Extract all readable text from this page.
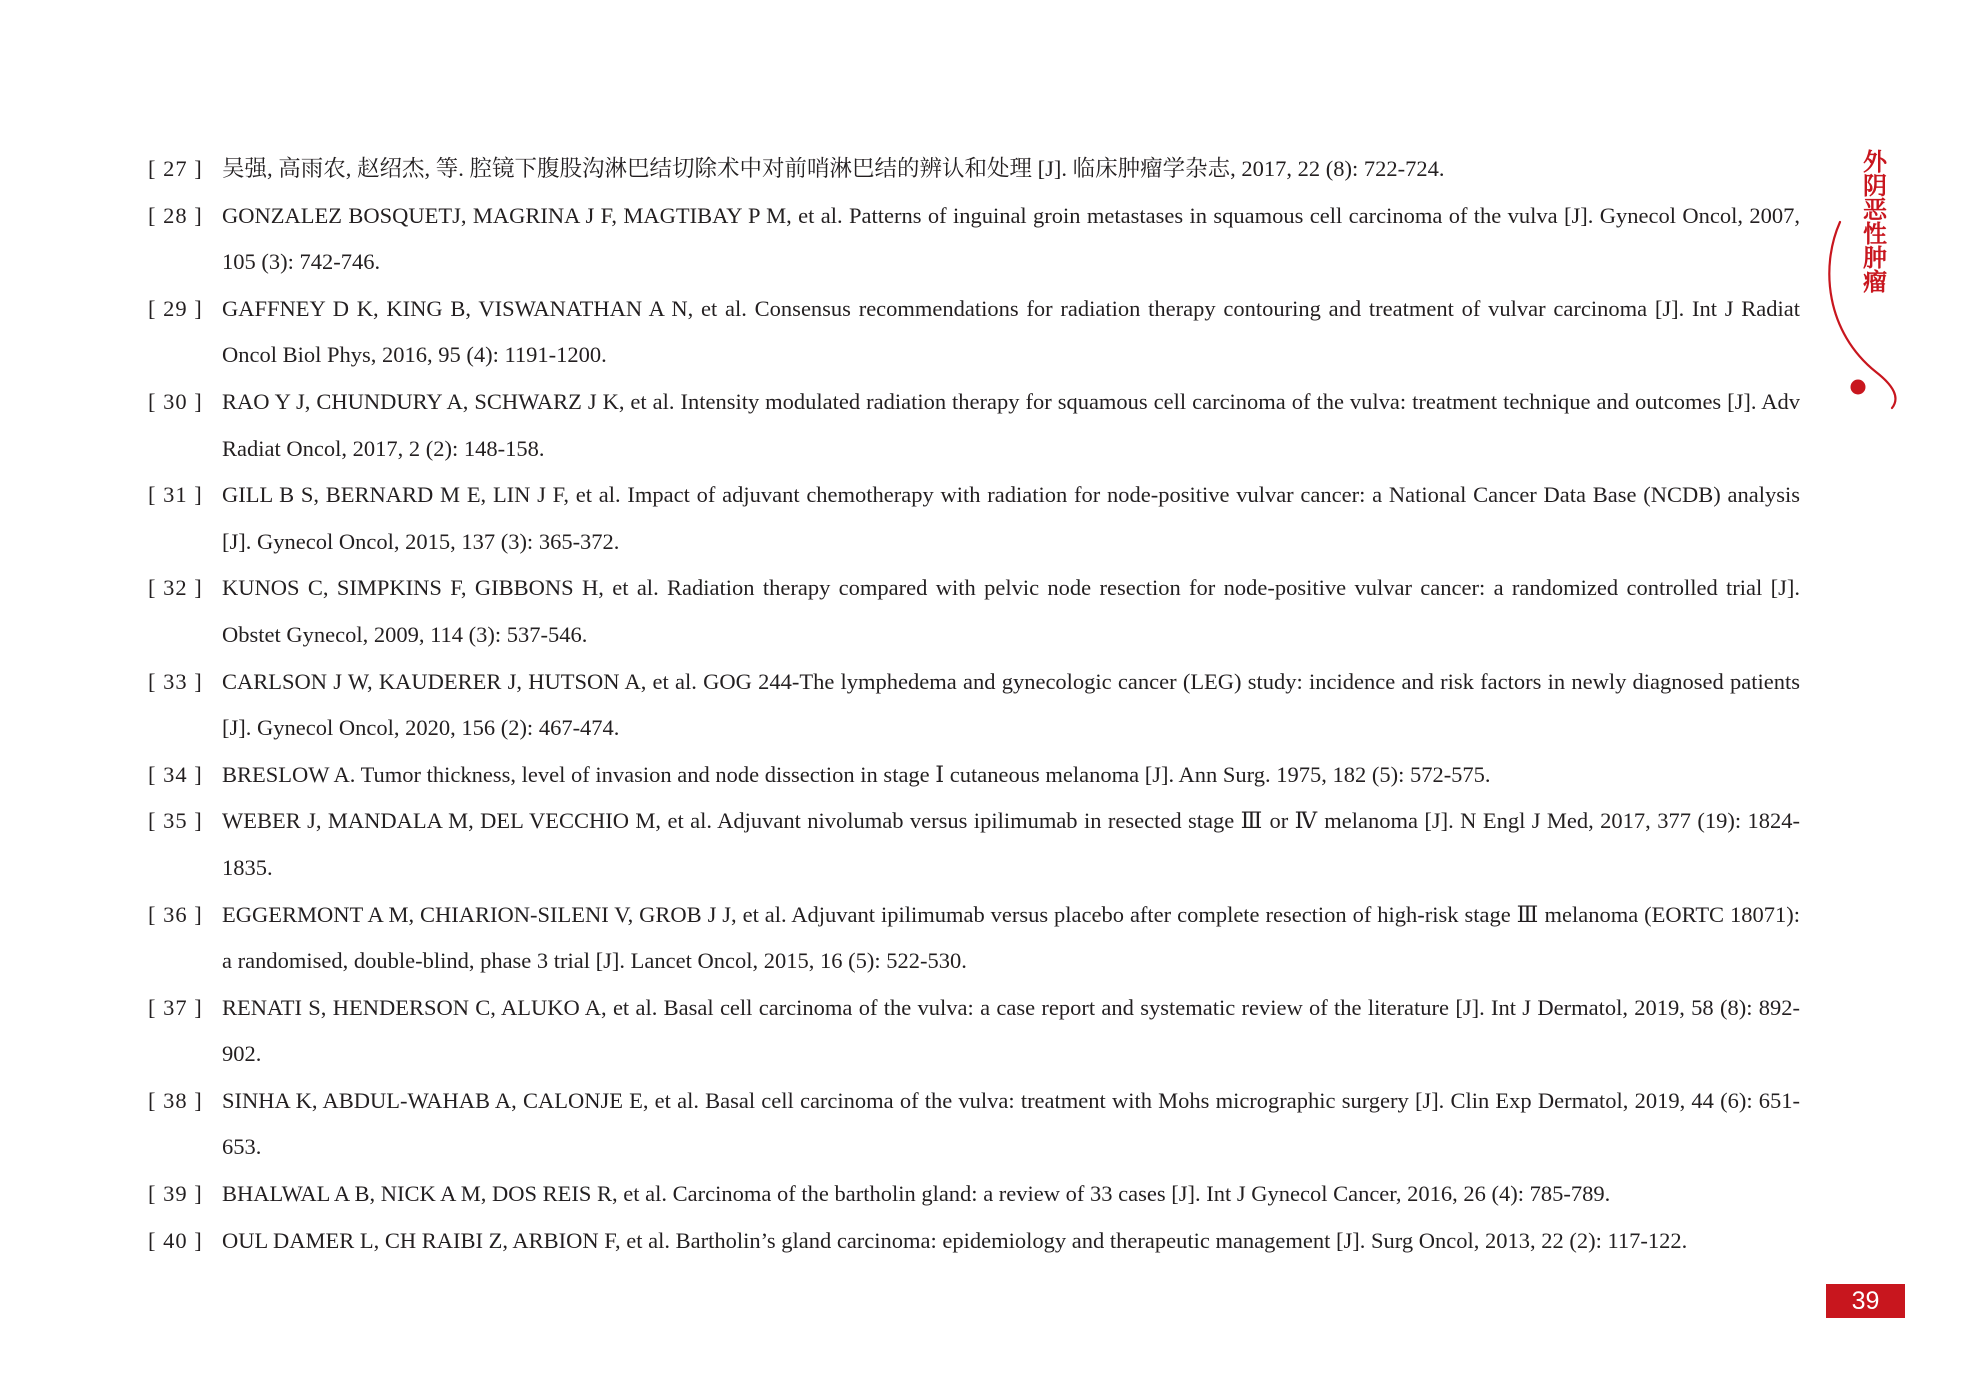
[ 27 ] 吴强, 高雨农, 赵绍杰, 等. 腔镜下腹股沟淋巴结切除术中对前哨淋巴结的辨认和处理 [J]. 临床肿瘤学杂志, 2017, 22 (8): 722-724.
[ 28 ] GONZALEZ BOSQUETJ, MAGRINA J F, MAGTIBAY P M, et al. Patterns of inguinal groin metastases in squamous cell carcinoma of the vulva [J]. Gynecol Oncol, 2007, 105 (3): 742-746.
[ 29 ] GAFFNEY D K, KING B, VISWANATHAN A N, et al. Consensus recommendations for radiation therapy contouring and treatment of vulvar carcinoma [J]. Int J Radiat Oncol Biol Phys, 2016, 95 (4): 1191-1200.
[ 30 ] RAO Y J, CHUNDURY A, SCHWARZ J K, et al. Intensity modulated radiation therapy for squamous cell carcinoma of the vulva: treatment technique and outcomes [J]. Adv Radiat Oncol, 2017, 2 (2): 148-158.
[ 31 ] GILL B S, BERNARD M E, LIN J F, et al. Impact of adjuvant chemotherapy with radiation for node-positive vulvar cancer: a National Cancer Data Base (NCDB) analysis [J]. Gynecol Oncol, 2015, 137 (3): 365-372.
[ 32 ] KUNOS C, SIMPKINS F, GIBBONS H, et al. Radiation therapy compared with pelvic node resection for node-positive vulvar cancer: a randomized controlled trial [J]. Obstet Gynecol, 2009, 114 (3): 537-546.
[ 33 ] CARLSON J W, KAUDERER J, HUTSON A, et al. GOG 244-The lymphedema and gynecologic cancer (LEG) study: incidence and risk factors in newly diagnosed patients [J]. Gynecol Oncol, 2020, 156 (2): 467-474.
[ 34 ] BRESLOW A. Tumor thickness, level of invasion and node dissection in stage Ⅰ cutaneous melanoma [J]. Ann Surg. 1975, 182 (5): 572-575.
[ 35 ] WEBER J, MANDALA M, DEL VECCHIO M, et al. Adjuvant nivolumab versus ipilimumab in resected stage Ⅲ or Ⅳ melanoma [J]. N Engl J Med, 2017, 377 (19): 1824-1835.
[ 36 ] EGGERMONT A M, CHIARION-SILENI V, GROB J J, et al. Adjuvant ipilimumab versus placebo after complete resection of high-risk stage Ⅲ melanoma (EORTC 18071): a randomised, double-blind, phase 3 trial [J]. Lancet Oncol, 2015, 16 (5): 522-530.
[ 37 ] RENATI S, HENDERSON C, ALUKO A, et al. Basal cell carcinoma of the vulva: a case report and systematic review of the literature [J]. Int J Dermatol, 2019, 58 (8): 892-902.
[ 38 ] SINHA K, ABDUL-WAHAB A, CALONJE E, et al. Basal cell carcinoma of the vulva: treatment with Mohs micrographic surgery [J]. Clin Exp Dermatol, 2019, 44 (6): 651-653.
[ 39 ] BHALWAL A B, NICK A M, DOS REIS R, et al. Carcinoma of the bartholin gland: a review of 33 cases [J]. Int J Gynecol Cancer, 2016, 26 (4): 785-789.
[ 40 ] OUL DAMER L, CH RAIBI Z, ARBION F, et al. Bartholin’s gland carcinoma: epidemiology and therapeutic management [J]. Surg Oncol, 2013, 22 (2): 117-122.
外
阴
恶
性
肿
瘤
39
